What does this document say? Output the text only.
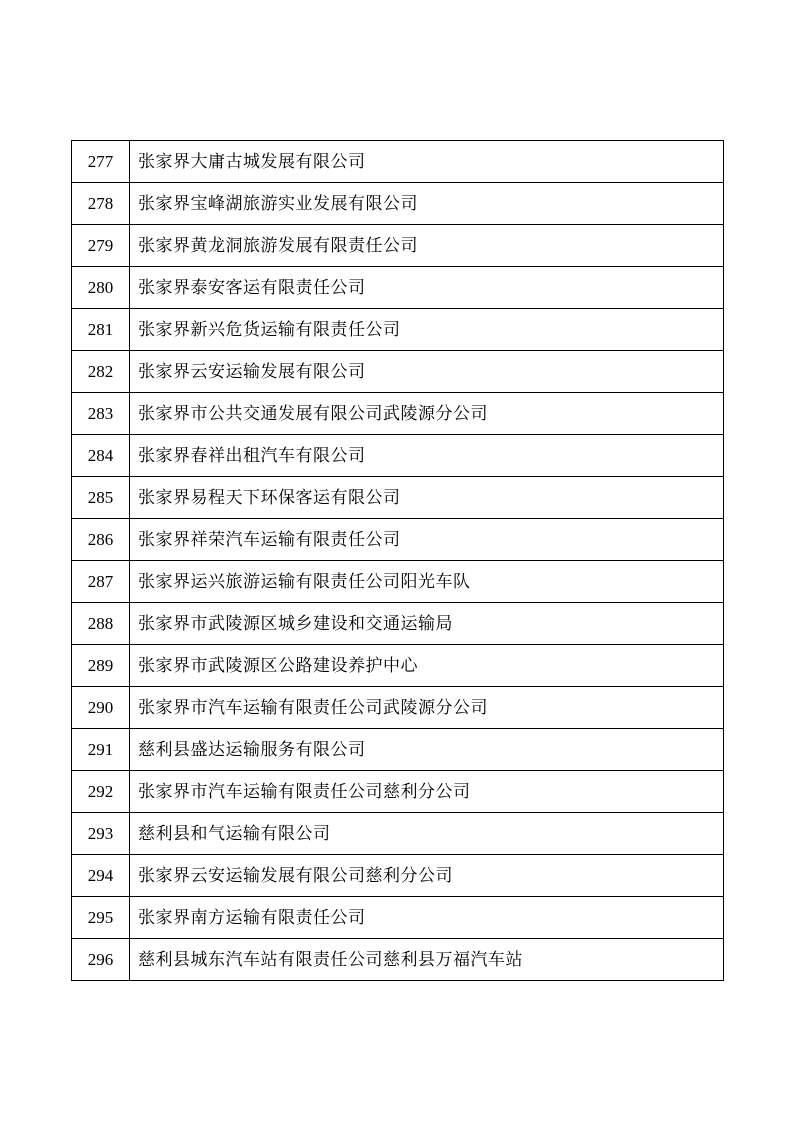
277	张家界大庸古城发展有限公司
278	张家界宝峰湖旅游实业发展有限公司
279	张家界黄龙洞旅游发展有限责任公司
280	张家界泰安客运有限责任公司
281	张家界新兴危货运输有限责任公司
282	张家界云安运输发展有限公司
283	张家界市公共交通发展有限公司武陵源分公司
284	张家界春祥出租汽车有限公司
285	张家界易程天下环保客运有限公司
286	张家界祥荣汽车运输有限责任公司
287	张家界运兴旅游运输有限责任公司阳光车队
288	张家界市武陵源区城乡建设和交通运输局
289	张家界市武陵源区公路建设养护中心
290	张家界市汽车运输有限责任公司武陵源分公司
291	慈利县盛达运输服务有限公司
292	张家界市汽车运输有限责任公司慈利分公司
293	慈利县和气运输有限公司
294	张家界云安运输发展有限公司慈利分公司
295	张家界南方运输有限责任公司
296	慈利县城东汽车站有限责任公司慈利县万福汽车站
